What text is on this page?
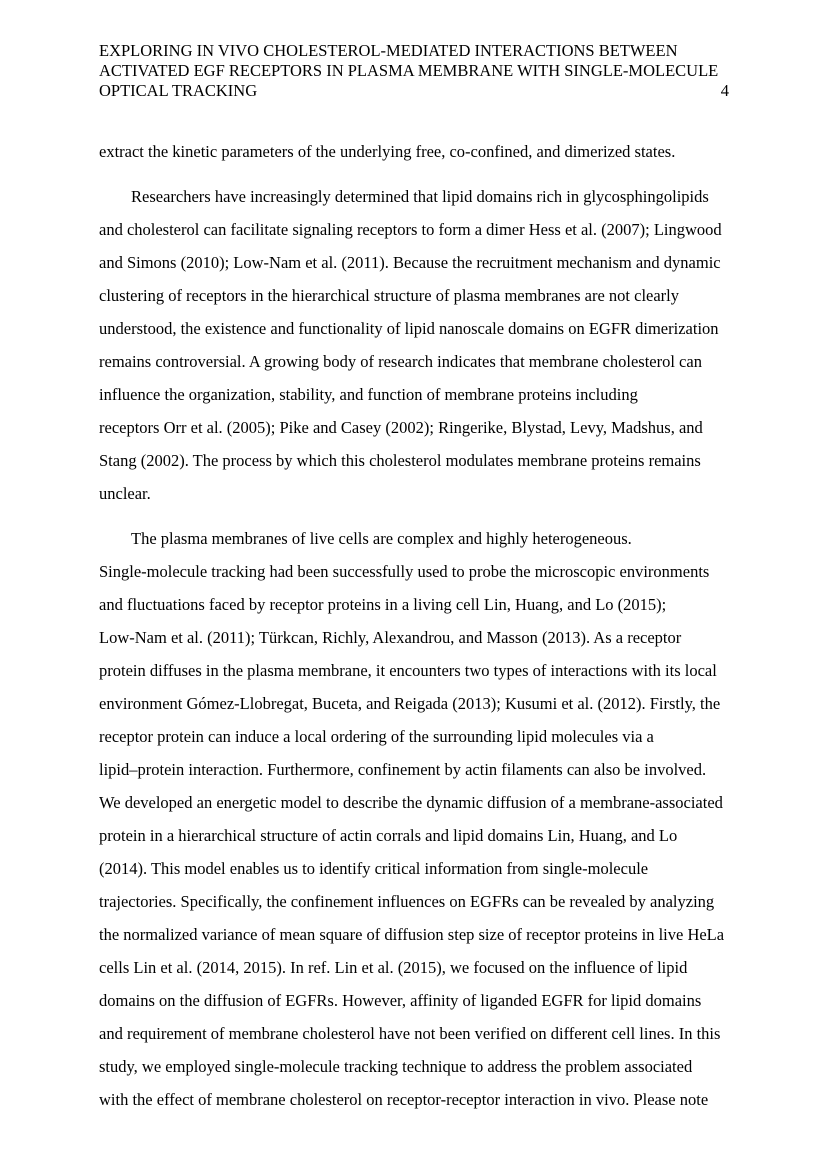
EXPLORING IN VIVO CHOLESTEROL-MEDIATED INTERACTIONS BETWEEN
ACTIVATED EGF RECEPTORS IN PLASMA MEMBRANE WITH SINGLE-MOLECULE
OPTICAL TRACKING	4

extract the kinetic parameters of the underlying free, co-confined, and dimerized states.

Researchers have increasingly determined that lipid domains rich in glycosphingolipids
and cholesterol can facilitate signaling receptors to form a dimer Hess et al. (2007); Lingwood
and Simons (2010); Low-Nam et al. (2011). Because the recruitment mechanism and dynamic
clustering of receptors in the hierarchical structure of plasma membranes are not clearly
understood, the existence and functionality of lipid nanoscale domains on EGFR dimerization
remains controversial. A growing body of research indicates that membrane cholesterol can
influence the organization, stability, and function of membrane proteins including
receptors Orr et al. (2005); Pike and Casey (2002); Ringerike, Blystad, Levy, Madshus, and
Stang (2002). The process by which this cholesterol modulates membrane proteins remains
unclear.

The plasma membranes of live cells are complex and highly heterogeneous.
Single-molecule tracking had been successfully used to probe the microscopic environments
and fluctuations faced by receptor proteins in a living cell Lin, Huang, and Lo (2015);
Low-Nam et al. (2011); Türkcan, Richly, Alexandrou, and Masson (2013). As a receptor
protein diffuses in the plasma membrane, it encounters two types of interactions with its local
environment Gómez-Llobregat, Buceta, and Reigada (2013); Kusumi et al. (2012). Firstly, the
receptor protein can induce a local ordering of the surrounding lipid molecules via a
lipid–protein interaction. Furthermore, confinement by actin filaments can also be involved.
We developed an energetic model to describe the dynamic diffusion of a membrane-associated
protein in a hierarchical structure of actin corrals and lipid domains Lin, Huang, and Lo
(2014). This model enables us to identify critical information from single-molecule
trajectories. Specifically, the confinement influences on EGFRs can be revealed by analyzing
the normalized variance of mean square of diffusion step size of receptor proteins in live HeLa
cells Lin et al. (2014, 2015). In ref. Lin et al. (2015), we focused on the influence of lipid
domains on the diffusion of EGFRs. However, affinity of liganded EGFR for lipid domains
and requirement of membrane cholesterol have not been verified on different cell lines. In this
study, we employed single-molecule tracking technique to address the problem associated
with the effect of membrane cholesterol on receptor-receptor interaction in vivo. Please note
